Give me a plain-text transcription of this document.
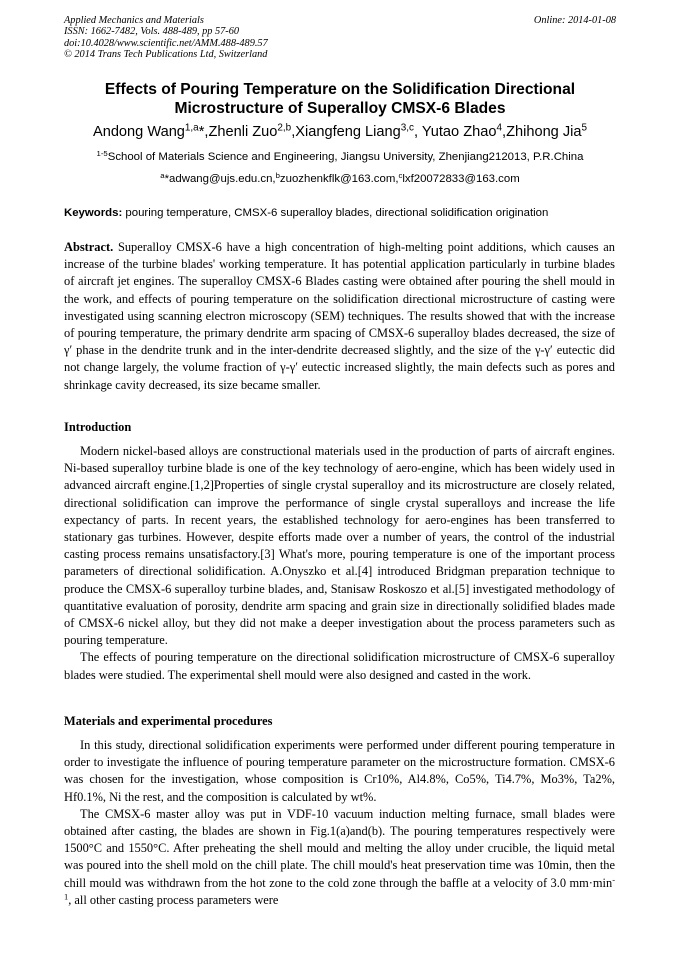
Applied Mechanics and Materials
ISSN: 1662-7482, Vols. 488-489, pp 57-60
doi:10.4028/www.scientific.net/AMM.488-489.57
© 2014 Trans Tech Publications Ltd, Switzerland
Online: 2014-01-08
Effects of Pouring Temperature on the Solidification Directional Microstructure of Superalloy CMSX-6 Blades
Andong Wang$^{1,a}$*,Zhenli Zuo$^{2,b}$,Xiangfeng Liang$^{3,c}$, Yutao Zhao$^4$,Zhihong Jia$^5$
$^{1-5}$School of Materials Science and Engineering, Jiangsu University, Zhenjiang212013, P.R.China
$^a$*adwang@ujs.edu.cn,$^b$zuozhenkflk@163.com,$^c$lxf20072833@163.com
Keywords: pouring temperature, CMSX-6 superalloy blades, directional solidification origination

Abstract. Superalloy CMSX-6 have a high concentration of high-melting point additions, which causes an increase of the turbine blades' working temperature. It has potential application particularly in turbine blades of aircraft jet engines. The superalloy CMSX-6 Blades casting were obtained after pouring the shell mould in the work, and effects of pouring temperature on the solidification directional microstructure of casting were investigated using scanning electron microscopy (SEM) techniques. The results showed that with the increase of pouring temperature, the primary dendrite arm spacing of CMSX-6 superalloy blades decreased, the size of γ′ phase in the dendrite trunk and in the inter-dendrite decreased slightly, and the size of the γ-γ′ eutectic did not change largely, the volume fraction of γ-γ′ eutectic increased slightly, the main defects such as pores and shrinkage cavity decreased, its size became smaller.

Introduction

Modern nickel-based alloys are constructional materials used in the production of parts of aircraft engines. Ni-based superalloy turbine blade is one of the key technology of aero-engine, which has been widely used in advanced aircraft engine.[1,2]Properties of single crystal superalloy and its microstructure are closely related, directional solidification can improve the performance of single crystal superalloys and increase the life expectancy of parts. In recent years, the established technology for aero-engines has been transferred to stationary gas turbines. However, despite efforts made over a number of years, the control of the industrial casting process remains unsatisfactory.[3] What's more, pouring temperature is one of the important process parameters of directional solidification. A.Onyszko et al.[4] introduced Bridgman preparation technique to produce the CMSX-6 superalloy turbine blades, and, Stanisaw Roskoszo et al.[5] investigated methodology of quantitative evaluation of porosity, dendrite arm spacing and grain size in directionally solidified blades made of CMSX-6 nickel alloy, but they did not make a deeper investigation about the process parameters such as pouring temperature.

The effects of pouring temperature on the directional solidification microstructure of CMSX-6 superalloy blades were studied. The experimental shell mould were also designed and casted in the work.

Materials and experimental procedures

In this study, directional solidification experiments were performed under different pouring temperature in order to investigate the influence of pouring temperature parameter on the microstructure formation. CMSX-6 was chosen for the investigation, whose composition is Cr10%, Al4.8%, Co5%, Ti4.7%, Mo3%, Ta2%, Hf0.1%, Ni the rest, and the composition is calculated by wt%.

The CMSX-6 master alloy was put in VDF-10 vacuum induction melting furnace, small blades were obtained after casting, the blades are shown in Fig.1(a)and(b). The pouring temperatures respectively were 1500°C and 1550°C. After preheating the shell mould and melting the alloy under crucible, the liquid metal was poured into the shell mold on the chill plate. The chill mould's heat preservation time was 10min, then the chill mould was withdrawn from the hot zone to the cold zone through the baffle at a velocity of 3.0 $mm\cdot\min^{-1}$, all other casting process parameters were
